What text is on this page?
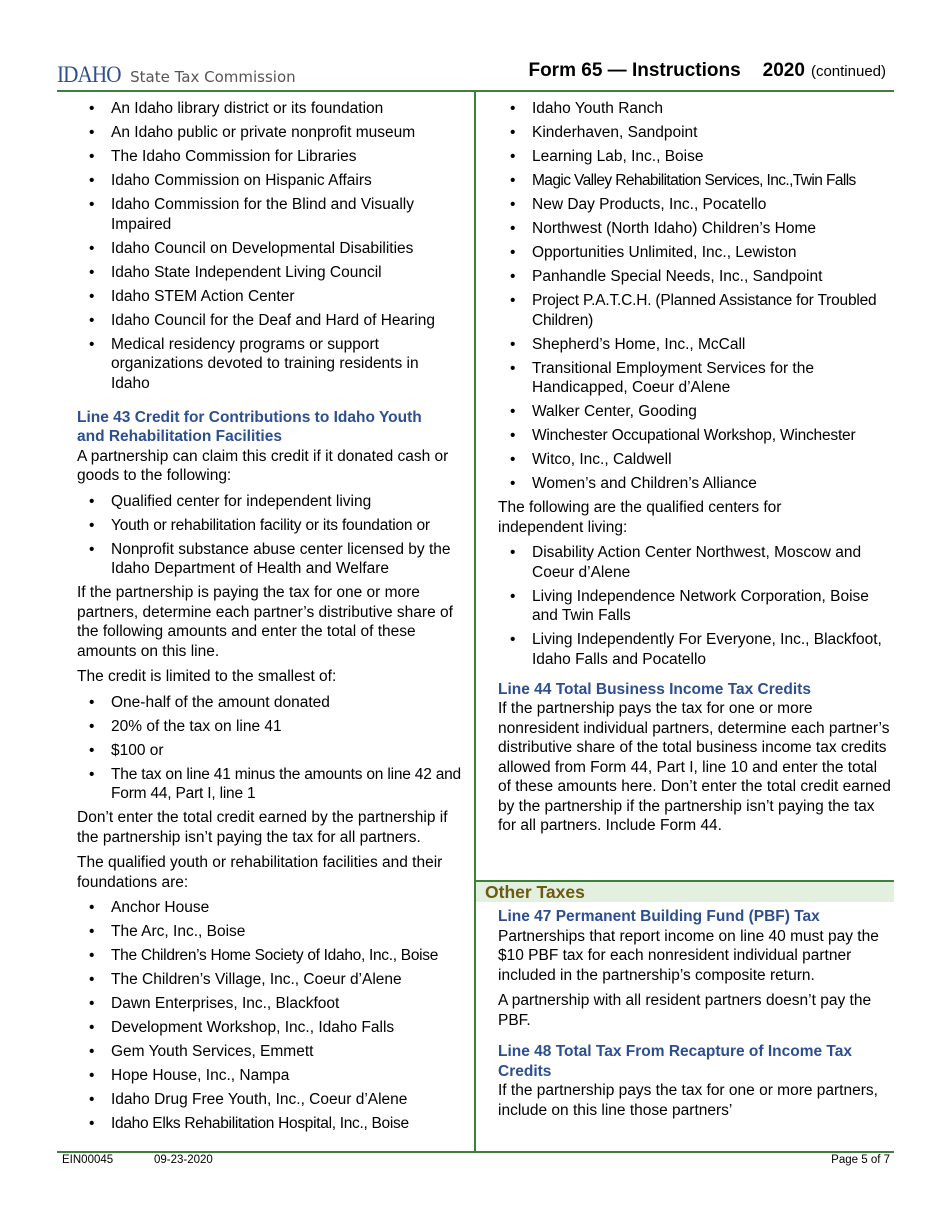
IDAHO State Tax Commission	Form 65 — Instructions 2020 (continued)
• An Idaho library district or its foundation
• An Idaho public or private nonprofit museum
• The Idaho Commission for Libraries
• Idaho Commission on Hispanic Affairs
• Idaho Commission for the Blind and Visually Impaired
• Idaho Council on Developmental Disabilities
• Idaho State Independent Living Council
• Idaho STEM Action Center
• Idaho Council for the Deaf and Hard of Hearing
• Medical residency programs or support organizations devoted to training residents in Idaho
Line 43 Credit for Contributions to Idaho Youth and Rehabilitation Facilities

A partnership can claim this credit if it donated cash or goods to the following:

• Qualified center for independent living
• Youth or rehabilitation facility or its foundation or
• Nonprofit substance abuse center licensed by the Idaho Department of Health and Welfare

If the partnership is paying the tax for one or more partners, determine each partner’s distributive share of the following amounts and enter the total of these amounts on this line.

The credit is limited to the smallest of:

• One-half of the amount donated
• 20% of the tax on line 41
• $100 or
• The tax on line 41 minus the amounts on line 42 and Form 44, Part I, line 1

Don’t enter the total credit earned by the partnership if the partnership isn’t paying the tax for all partners.

The qualified youth or rehabilitation facilities and their foundations are:

• Anchor House
• The Arc, Inc., Boise
• The Children’s Home Society of Idaho, Inc., Boise
• The Children’s Village, Inc., Coeur d’Alene
• Dawn Enterprises, Inc., Blackfoot
• Development Workshop, Inc., Idaho Falls
• Gem Youth Services, Emmett
• Hope House, Inc., Nampa
• Idaho Drug Free Youth, Inc., Coeur d’Alene
• Idaho Elks Rehabilitation Hospital, Inc., Boise
• Idaho Youth Ranch
• Kinderhaven, Sandpoint
• Learning Lab, Inc., Boise
• Magic Valley Rehabilitation Services, Inc.,Twin Falls
• New Day Products, Inc., Pocatello
• Northwest (North Idaho) Children’s Home
• Opportunities Unlimited, Inc., Lewiston
• Panhandle Special Needs, Inc., Sandpoint
• Project P.A.T.C.H. (Planned Assistance for Troubled Children)
• Shepherd’s Home, Inc., McCall
• Transitional Employment Services for the Handicapped, Coeur d’Alene
• Walker Center, Gooding
• Winchester Occupational Workshop, Winchester
• Witco, Inc., Caldwell
• Women’s and Children’s Alliance

The following are the qualified centers for independent living:

• Disability Action Center Northwest, Moscow and Coeur d’Alene
• Living Independence Network Corporation, Boise and Twin Falls
• Living Independently For Everyone, Inc., Blackfoot, Idaho Falls and Pocatello
Line 44 Total Business Income Tax Credits

If the partnership pays the tax for one or more nonresident individual partners, determine each partner’s distributive share of the total business income tax credits allowed from Form 44, Part I, line 10 and enter the total of these amounts here. Don’t enter the total credit earned by the partnership if the partnership isn’t paying the tax for all partners. Include Form 44.

Other Taxes
Line 47 Permanent Building Fund (PBF) Tax

Partnerships that report income on line 40 must pay the $10 PBF tax for each nonresident individual partner included in the partnership’s composite return.

A partnership with all resident partners doesn’t pay the PBF.

Line 48 Total Tax From Recapture of Income Tax Credits

If the partnership pays the tax for one or more partners, include on this line those partners’

EIN00045	09-23-2020	Page 5 of 7
